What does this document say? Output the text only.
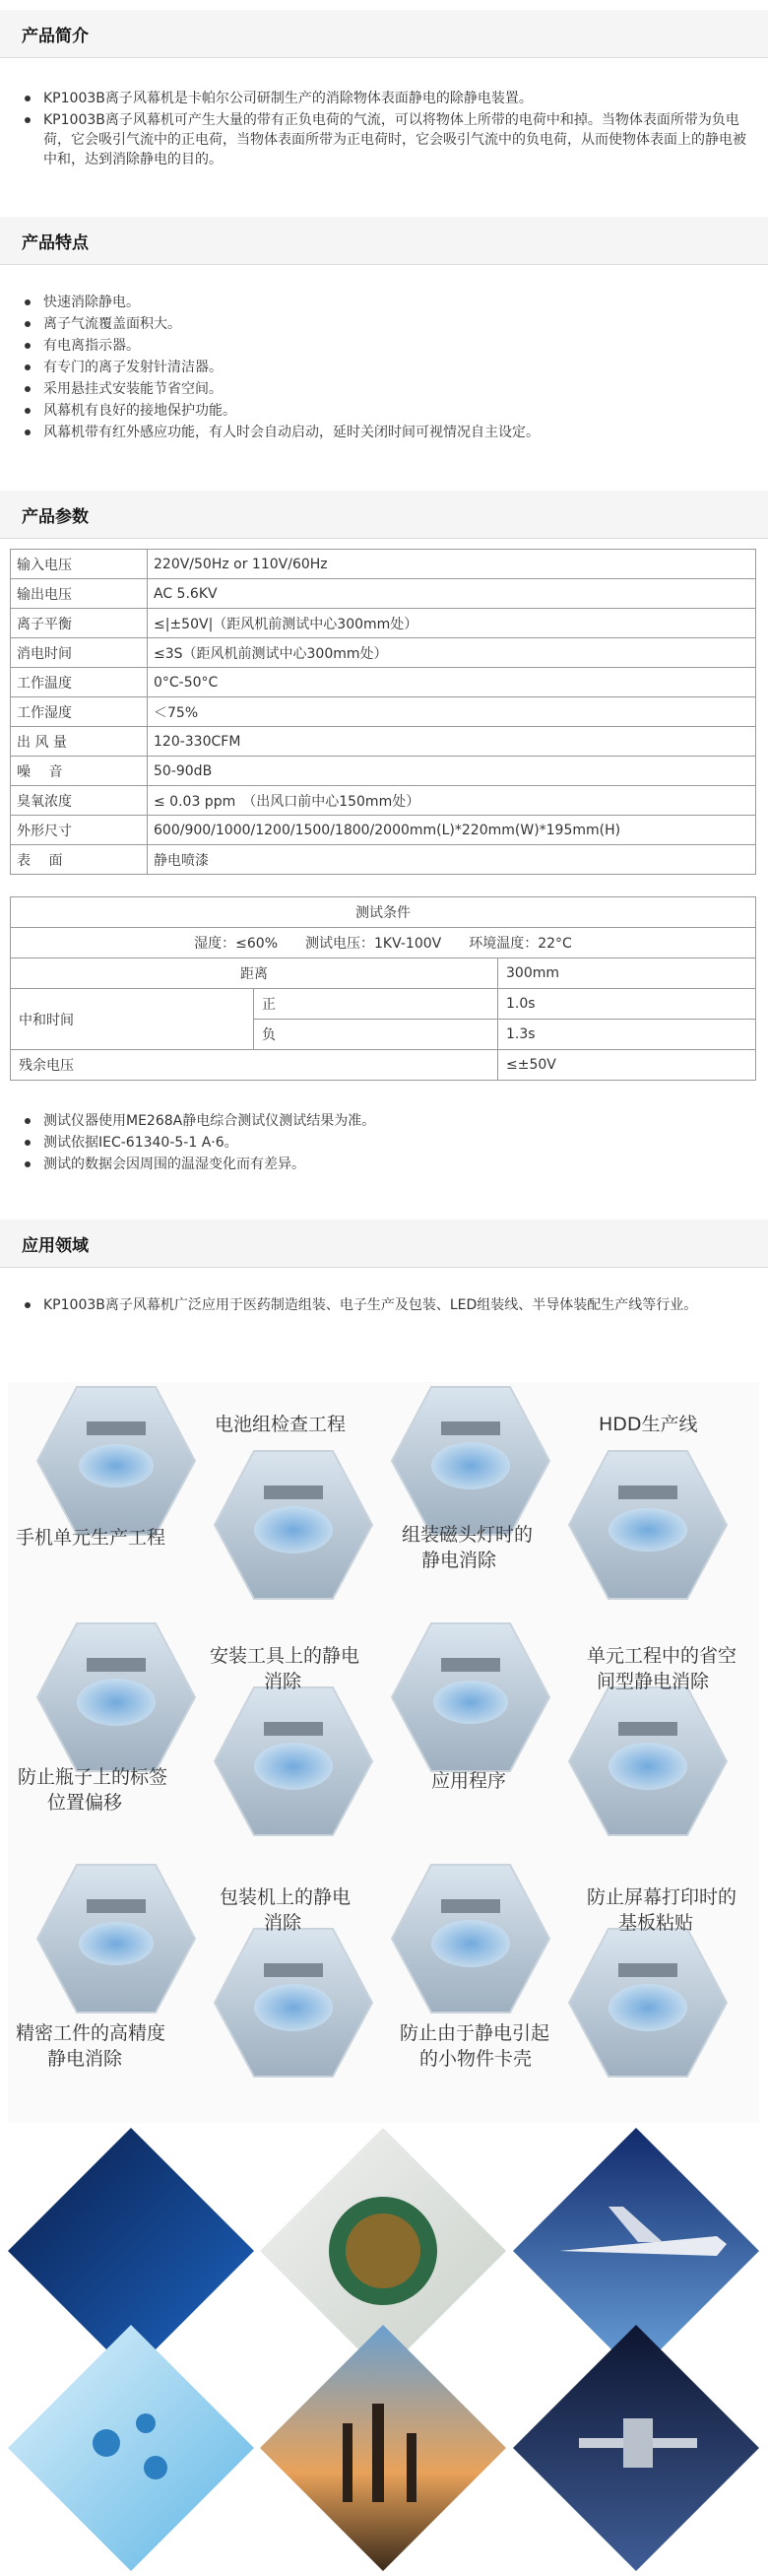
产品简介
KP1003B离子风幕机是卡帕尔公司研制生产的消除物体表面静电的除静电装置。
KP1003B离子风幕机可产生大量的带有正负电荷的气流，可以将物体上所带的电荷中和掉。当物体表面所带为负电荷，它会吸引气流中的正电荷，当物体表面所带为正电荷时，它会吸引气流中的负电荷，从而使物体表面上的静电被中和，达到消除静电的目的。
产品特点
快速消除静电。
离子气流覆盖面积大。
有电离指示器。
有专门的离子发射针清洁器。
采用悬挂式安装能节省空间。
风幕机有良好的接地保护功能。
风幕机带有红外感应功能，有人时会自动启动，延时关闭时间可视情况自主设定。
产品参数
输入电压	220V/50Hz or 110V/60Hz
输出电压	AC 5.6KV
离子平衡	≤|±50V|（距风机前测试中心300mm处）
消电时间	≤3S（距风机前测试中心300mm处）
工作温度	0°C-50°C
工作湿度	＜75%
出 风 量	120-330CFM
噪　 音	50-90dB
臭氧浓度	≤ 0.03 ppm　（出风口前中心150mm处）
外形尺寸	600/900/1000/1200/1500/1800/2000mm(L)*220mm(W)*195mm(H)
表　 面	静电喷漆
测试条件		
湿度：≤60%　　测试电压：1KV-100V　　环境温度：22°C		
距离		300mm
中和时间	正	1.0s
	负	1.3s
残余电压		≤±50V
测试仪器使用ME268A静电综合测试仪测试结果为准。
测试依据IEC-61340-5-1 A·6。
测试的数据会因周围的温湿变化而有差异。
应用领域
KP1003B离子风幕机广泛应用于医药制造组装、电子生产及包装、LED组装线、半导体装配生产线等行业。
电池组检查工程	HDD生产线
手机单元生产工程	组装磁头灯时的
静电消除
安装工具上的静电
消除
单元工程中的省空
间型静电消除
防止瓶子上的标签
位置偏移
应用程序
包装机上的静电
消除
防止屏幕打印时的
基板粘贴
精密工件的高精度
静电消除
防止由于静电引起
的小物件卡壳
